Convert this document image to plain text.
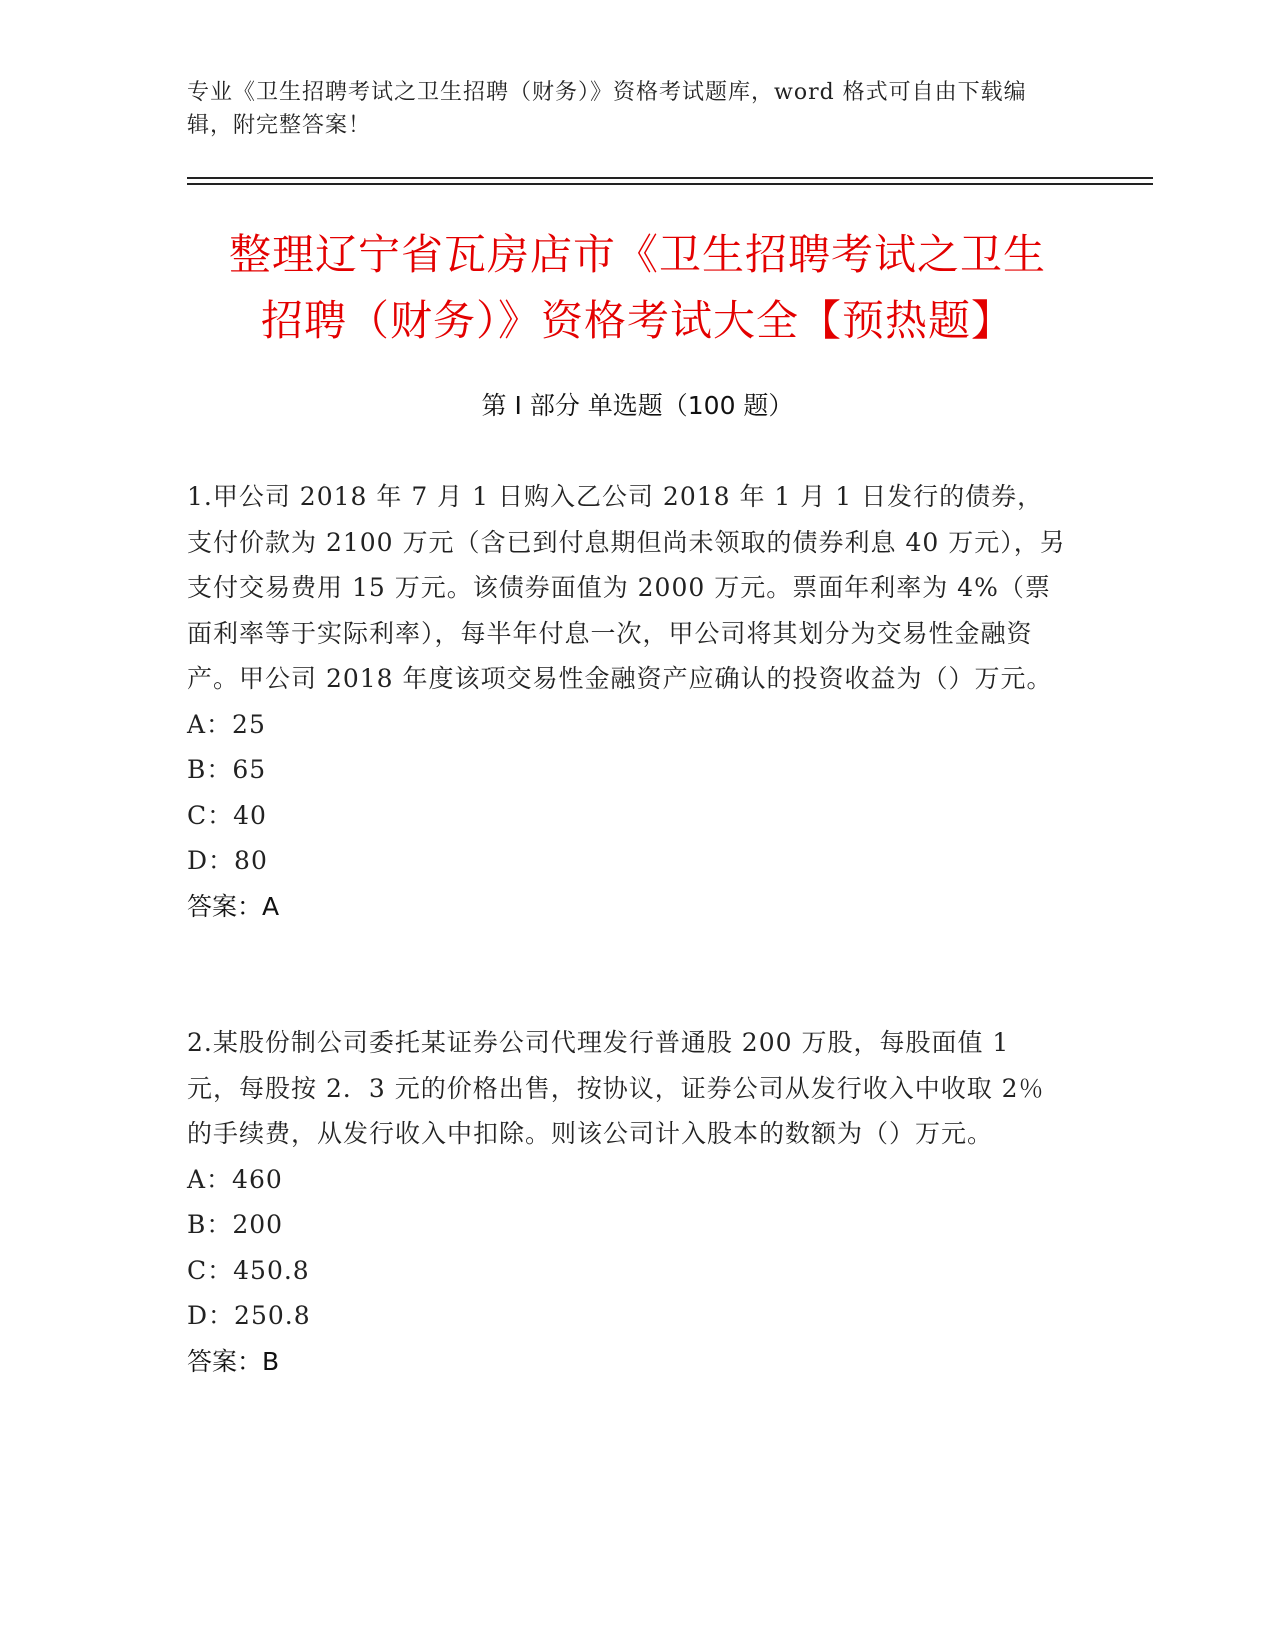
专业《卫生招聘考试之卫生招聘（财务）》资格考试题库，word 格式可自由下载编辑，附完整答案！
整理辽宁省瓦房店市《卫生招聘考试之卫生
招聘（财务）》资格考试大全【预热题】
第 I 部分 单选题（100 题）

1.甲公司 2018 年 7 月 1 日购入乙公司 2018 年 1 月 1 日发行的债券，支付价款为 2100 万元（含已到付息期但尚未领取的债券利息 40 万元），另支付交易费用 15 万元。该债券面值为 2000 万元。票面年利率为 4%（票面利率等于实际利率），每半年付息一次，甲公司将其划分为交易性金融资产。甲公司 2018 年度该项交易性金融资产应确认的投资收益为（）万元。

A：25
B：65
C：40
D：80
答案：A

2.某股份制公司委托某证券公司代理发行普通股 200 万股，每股面值 1 元，每股按 2．3 元的价格出售，按协议，证券公司从发行收入中收取 2％的手续费，从发行收入中扣除。则该公司计入股本的数额为（）万元。

A：460
B：200
C：450.8
D：250.8
答案：B
